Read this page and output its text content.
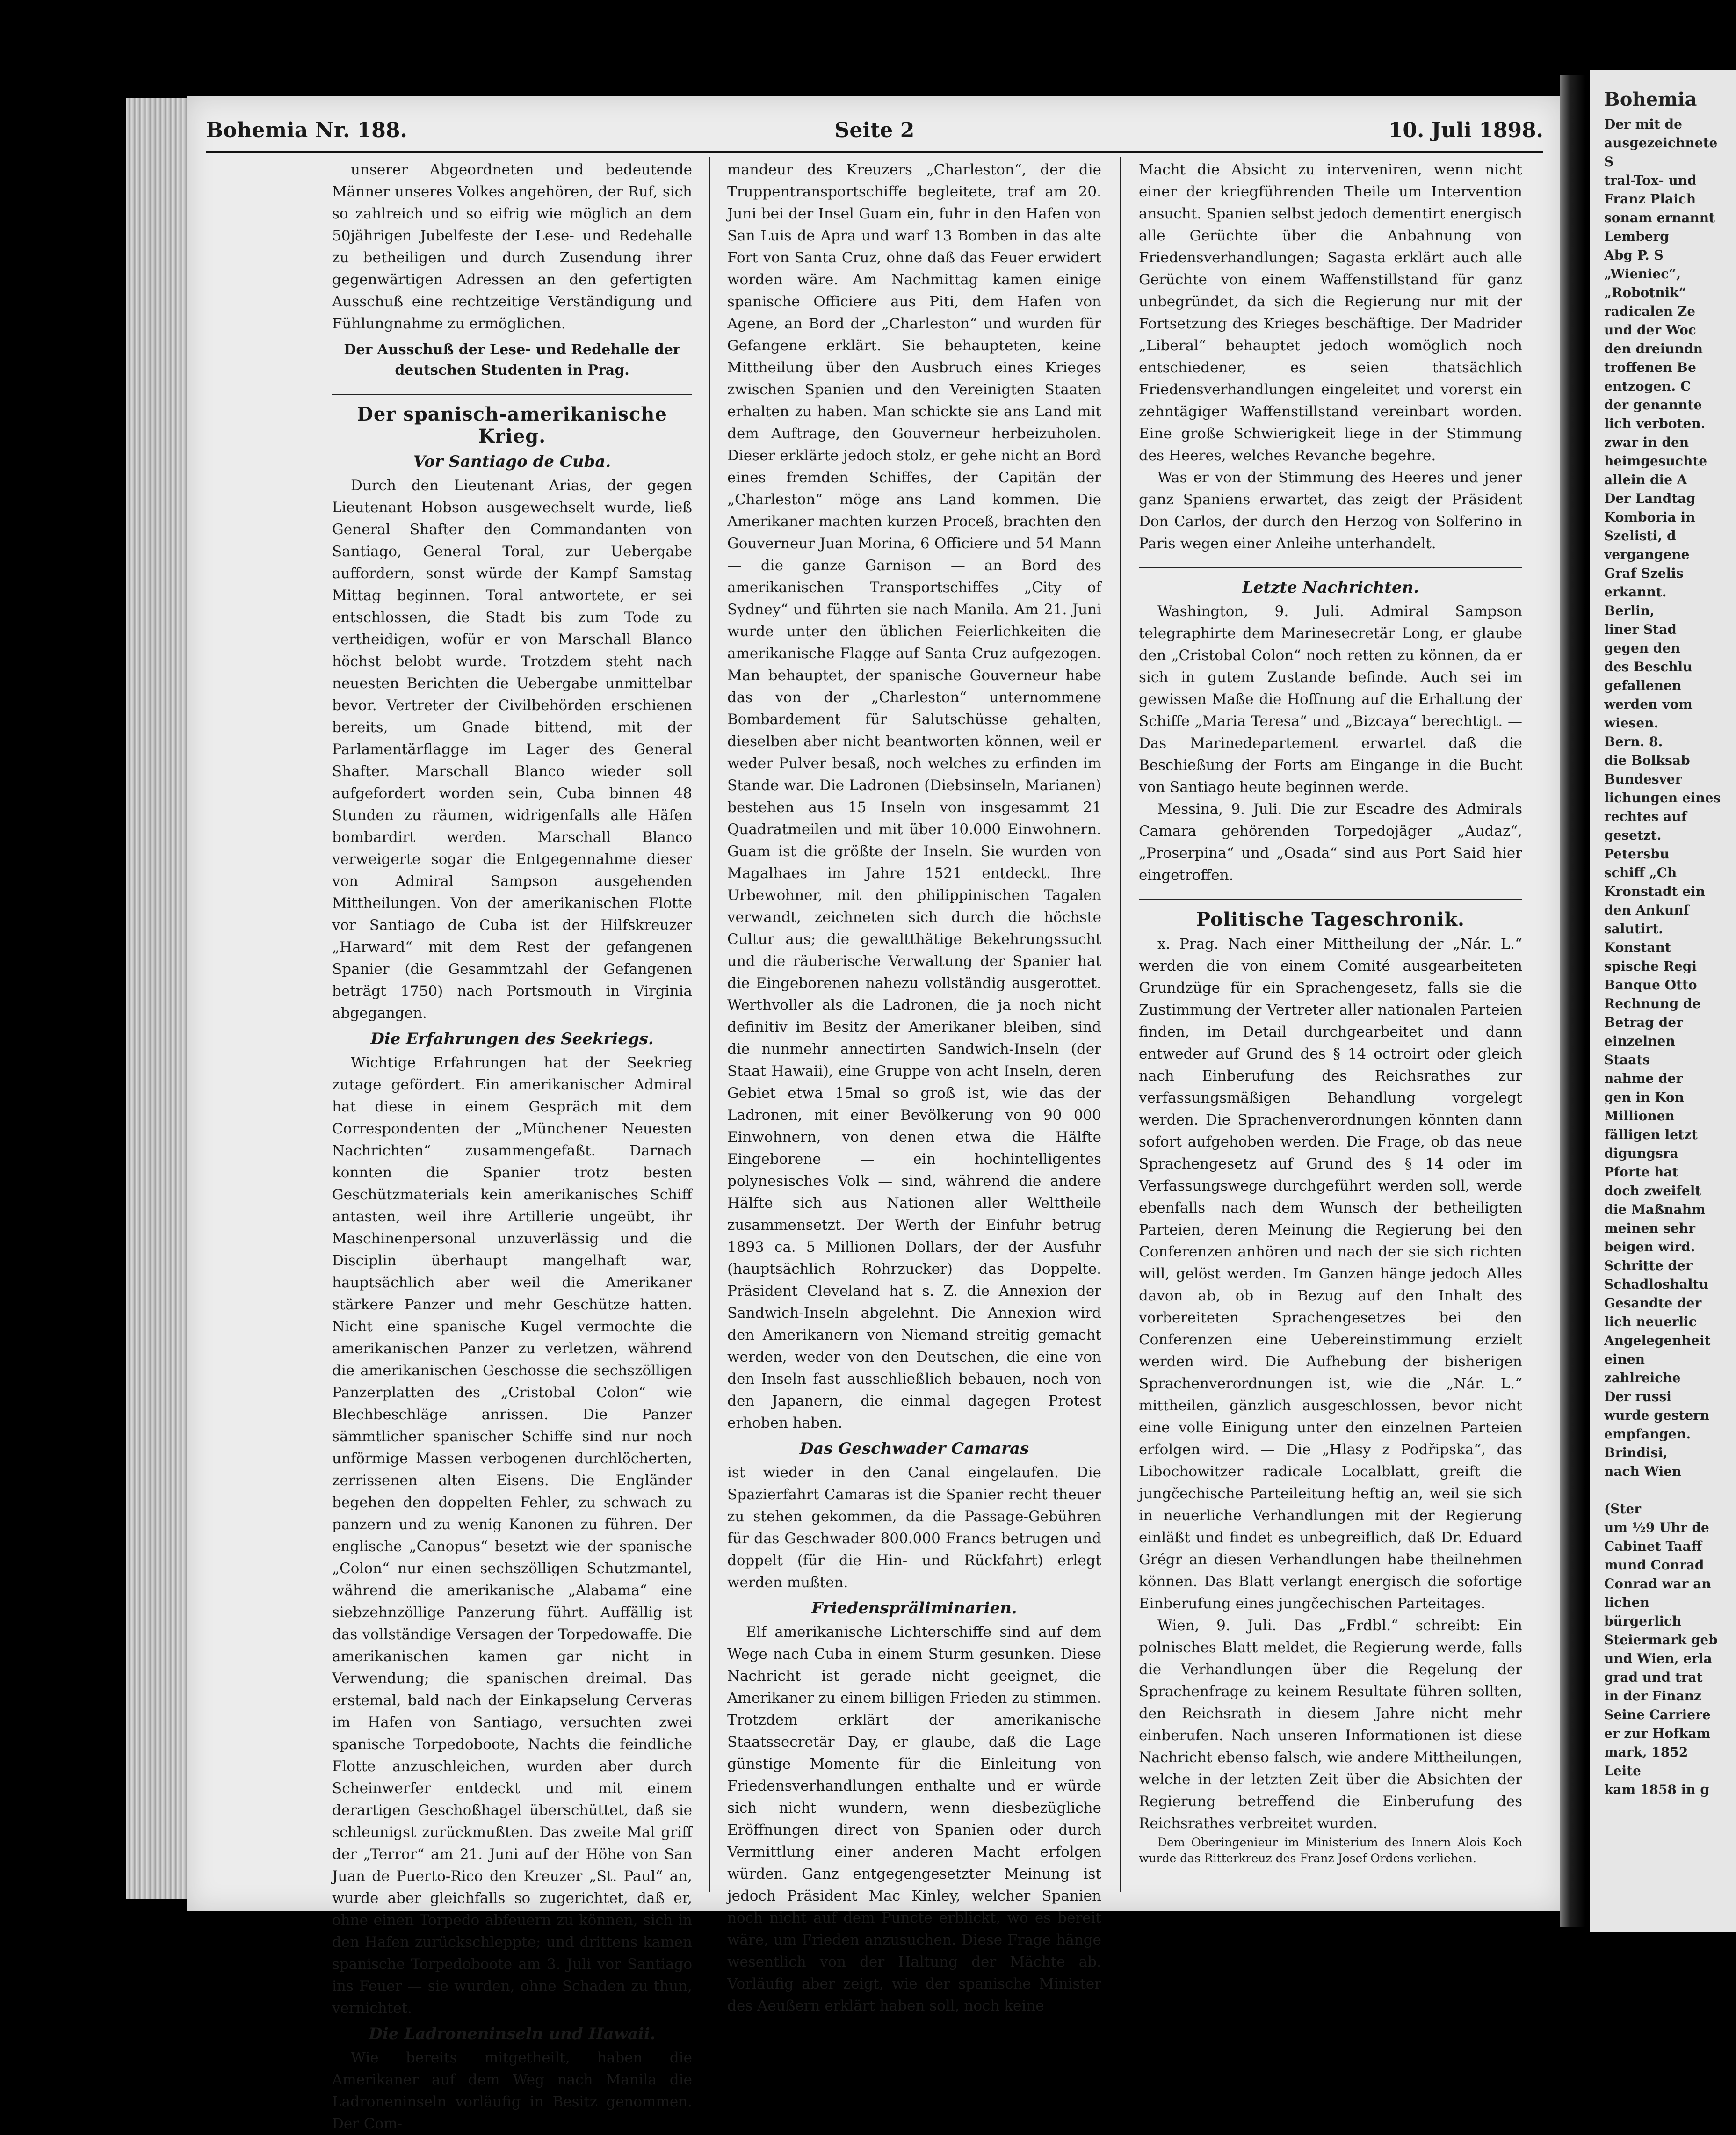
Bohemia Nr. 188.	Seite 2	10. Juli 1898.

unserer Abgeordneten und bedeutende Männer unseres Volkes angehören, der Ruf, sich so zahlreich und so eifrig wie möglich an dem 50jährigen Jubelfeste der Lese- und Redehalle zu betheiligen und durch Zusendung ihrer gegenwärtigen Adressen an den gefertigten Ausschuß eine rechtzeitige Verständigung und Fühlungnahme zu ermöglichen.

Der Ausschuß der Lese- und Redehalle der deutschen Studenten in Prag.
Der spanisch-amerikanische Krieg.
Vor Santiago de Cuba.

Durch den Lieutenant Arias, der gegen Lieutenant Hobson ausgewechselt wurde, ließ General Shafter den Commandanten von Santiago, General Toral, zur Uebergabe auffordern, sonst würde der Kampf Samstag Mittag beginnen. Toral antwortete, er sei entschlossen, die Stadt bis zum Tode zu vertheidigen, wofür er von Marschall Blanco höchst belobt wurde. Trotzdem steht nach neuesten Berichten die Uebergabe unmittelbar bevor. Vertreter der Civilbehörden erschienen bereits, um Gnade bittend, mit der Parlamentärflagge im Lager des General Shafter. Marschall Blanco wieder soll aufgefordert worden sein, Cuba binnen 48 Stunden zu räumen, widrigenfalls alle Häfen bombardirt werden. Marschall Blanco verweigerte sogar die Entgegennahme dieser von Admiral Sampson ausgehenden Mittheilungen. Von der amerikanischen Flotte vor Santiago de Cuba ist der Hilfskreuzer „Harward“ mit dem Rest der gefangenen Spanier (die Gesammtzahl der Gefangenen beträgt 1750) nach Portsmouth in Virginia abgegangen.

Die Erfahrungen des Seekriegs.

Wichtige Erfahrungen hat der Seekrieg zutage gefördert. Ein amerikanischer Admiral hat diese in einem Gespräch mit dem Correspondenten der „Münchener Neuesten Nachrichten“ zusammengefaßt. Darnach konnten die Spanier trotz besten Geschützmaterials kein amerikanisches Schiff antasten, weil ihre Artillerie ungeübt, ihr Maschinenpersonal unzuverlässig und die Disciplin überhaupt mangelhaft war, hauptsächlich aber weil die Amerikaner stärkere Panzer und mehr Geschütze hatten. Nicht eine spanische Kugel vermochte die amerikanischen Panzer zu verletzen, während die amerikanischen Geschosse die sechszölligen Panzerplatten des „Cristobal Colon“ wie Blechbeschläge anrissen. Die Panzer sämmtlicher spanischer Schiffe sind nur noch unförmige Massen verbogenen durchlöcherten, zerrissenen alten Eisens. Die Engländer begehen den doppelten Fehler, zu schwach zu panzern und zu wenig Kanonen zu führen. Der englische „Canopus“ besetzt wie der spanische „Colon“ nur einen sechszölligen Schutzmantel, während die amerikanische „Alabama“ eine siebzehnzöllige Panzerung führt. Auffällig ist das vollständige Versagen der Torpedowaffe. Die amerikanischen kamen gar nicht in Verwendung; die spanischen dreimal. Das erstemal, bald nach der Einkapselung Cerveras im Hafen von Santiago, versuchten zwei spanische Torpedoboote, Nachts die feindliche Flotte anzuschleichen, wurden aber durch Scheinwerfer entdeckt und mit einem derartigen Geschoßhagel überschüttet, daß sie schleunigst zurückmußten. Das zweite Mal griff der „Terror“ am 21. Juni auf der Höhe von San Juan de Puerto-Rico den Kreuzer „St. Paul“ an, wurde aber gleichfalls so zugerichtet, daß er, ohne einen Torpedo abfeuern zu können, sich in den Hafen zurückschleppte; und drittens kamen spanische Torpedoboote am 3. Juli vor Santiago ins Feuer — sie wurden, ohne Schaden zu thun, vernichtet.

Die Ladroneninseln und Hawaii.

Wie bereits mitgetheilt, haben die Amerikaner auf dem Weg nach Manila die Ladroneninseln vorläufig in Besitz genommen. Der Com-

mandeur des Kreuzers „Charleston“, der die Truppentransportschiffe begleitete, traf am 20. Juni bei der Insel Guam ein, fuhr in den Hafen von San Luis de Apra und warf 13 Bomben in das alte Fort von Santa Cruz, ohne daß das Feuer erwidert worden wäre. Am Nachmittag kamen einige spanische Officiere aus Piti, dem Hafen von Agene, an Bord der „Charleston“ und wurden für Gefangene erklärt. Sie behaupteten, keine Mittheilung über den Ausbruch eines Krieges zwischen Spanien und den Vereinigten Staaten erhalten zu haben. Man schickte sie ans Land mit dem Auftrage, den Gouverneur herbeizuholen. Dieser erklärte jedoch stolz, er gehe nicht an Bord eines fremden Schiffes, der Capitän der „Charleston“ möge ans Land kommen. Die Amerikaner machten kurzen Proceß, brachten den Gouverneur Juan Morina, 6 Officiere und 54 Mann — die ganze Garnison — an Bord des amerikanischen Transportschiffes „City of Sydney“ und führten sie nach Manila. Am 21. Juni wurde unter den üblichen Feierlichkeiten die amerikanische Flagge auf Santa Cruz aufgezogen. Man behauptet, der spanische Gouverneur habe das von der „Charleston“ unternommene Bombardement für Salutschüsse gehalten, dieselben aber nicht beantworten können, weil er weder Pulver besaß, noch welches zu erfinden im Stande war. Die Ladronen (Diebsinseln, Marianen) bestehen aus 15 Inseln von insgesammt 21 Quadratmeilen und mit über 10.000 Einwohnern. Guam ist die größte der Inseln. Sie wurden von Magalhaes im Jahre 1521 entdeckt. Ihre Urbewohner, mit den philippinischen Tagalen verwandt, zeichneten sich durch die höchste Cultur aus; die gewaltthätige Bekehrungssucht und die räuberische Verwaltung der Spanier hat die Eingeborenen nahezu vollständig ausgerottet. Werthvoller als die Ladronen, die ja noch nicht definitiv im Besitz der Amerikaner bleiben, sind die nunmehr annectirten Sandwich-Inseln (der Staat Hawaii), eine Gruppe von acht Inseln, deren Gebiet etwa 15mal so groß ist, wie das der Ladronen, mit einer Bevölkerung von 90 000 Einwohnern, von denen etwa die Hälfte Eingeborene — ein hochintelligentes polynesisches Volk — sind, während die andere Hälfte sich aus Nationen aller Welttheile zusammensetzt. Der Werth der Einfuhr betrug 1893 ca. 5 Millionen Dollars, der der Ausfuhr (hauptsächlich Rohrzucker) das Doppelte. Präsident Cleveland hat s. Z. die Annexion der Sandwich-Inseln abgelehnt. Die Annexion wird den Amerikanern von Niemand streitig gemacht werden, weder von den Deutschen, die eine von den Inseln fast ausschließlich bebauen, noch von den Japanern, die einmal dagegen Protest erhoben haben.

Das Geschwader Camaras

ist wieder in den Canal eingelaufen. Die Spazierfahrt Camaras ist die Spanier recht theuer zu stehen gekommen, da die Passage-Gebühren für das Geschwader 800.000 Francs betrugen und doppelt (für die Hin- und Rückfahrt) erlegt werden mußten.

Friedenspräliminarien.

Elf amerikanische Lichterschiffe sind auf dem Wege nach Cuba in einem Sturm gesunken. Diese Nachricht ist gerade nicht geeignet, die Amerikaner zu einem billigen Frieden zu stimmen. Trotzdem erklärt der amerikanische Staatssecretär Day, er glaube, daß die Lage günstige Momente für die Einleitung von Friedensverhandlungen enthalte und er würde sich nicht wundern, wenn diesbezügliche Eröffnungen direct von Spanien oder durch Vermittlung einer anderen Macht erfolgen würden. Ganz entgegengesetzter Meinung ist jedoch Präsident Mac Kinley, welcher Spanien noch nicht auf dem Puncte erblickt, wo es bereit wäre, um Frieden anzusuchen. Diese Frage hänge wesentlich von der Haltung der Mächte ab. Vorläufig aber zeigt, wie der spanische Minister des Aeußern erklärt haben soll, noch keine

Macht die Absicht zu interveniren, wenn nicht einer der kriegführenden Theile um Intervention ansucht. Spanien selbst jedoch dementirt energisch alle Gerüchte über die Anbahnung von Friedensverhandlungen; Sagasta erklärt auch alle Gerüchte von einem Waffenstillstand für ganz unbegründet, da sich die Regierung nur mit der Fortsetzung des Krieges beschäftige. Der Madrider „Liberal“ behauptet jedoch womöglich noch entschiedener, es seien thatsächlich Friedensverhandlungen eingeleitet und vorerst ein zehntägiger Waffenstillstand vereinbart worden. Eine große Schwierigkeit liege in der Stimmung des Heeres, welches Revanche begehre.

Was er von der Stimmung des Heeres und jener ganz Spaniens erwartet, das zeigt der Präsident Don Carlos, der durch den Herzog von Solferino in Paris wegen einer Anleihe unterhandelt.

Letzte Nachrichten.

Washington, 9. Juli. Admiral Sampson telegraphirte dem Marinesecretär Long, er glaube den „Cristobal Colon“ noch retten zu können, da er sich in gutem Zustande befinde. Auch sei im gewissen Maße die Hoffnung auf die Erhaltung der Schiffe „Maria Teresa“ und „Bizcaya“ berechtigt. — Das Marinedepartement erwartet daß die Beschießung der Forts am Eingange in die Bucht von Santiago heute beginnen werde.

Messina, 9. Juli. Die zur Escadre des Admirals Camara gehörenden Torpedojäger „Audaz“, „Proserpina“ und „Osada“ sind aus Port Said hier eingetroffen.

Politische Tageschronik.

x. Prag. Nach einer Mittheilung der „Nár. L.“ werden die von einem Comité ausgearbeiteten Grundzüge für ein Sprachengesetz, falls sie die Zustimmung der Vertreter aller nationalen Parteien finden, im Detail durchgearbeitet und dann entweder auf Grund des § 14 octroirt oder gleich nach Einberufung des Reichsrathes zur verfassungsmäßigen Behandlung vorgelegt werden. Die Sprachenverordnungen könnten dann sofort aufgehoben werden. Die Frage, ob das neue Sprachengesetz auf Grund des § 14 oder im Verfassungswege durchgeführt werden soll, werde ebenfalls nach dem Wunsch der betheiligten Parteien, deren Meinung die Regierung bei den Conferenzen anhören und nach der sie sich richten will, gelöst werden. Im Ganzen hänge jedoch Alles davon ab, ob in Bezug auf den Inhalt des vorbereiteten Sprachengesetzes bei den Conferenzen eine Uebereinstimmung erzielt werden wird. Die Aufhebung der bisherigen Sprachenverordnungen ist, wie die „Nár. L.“ mittheilen, gänzlich ausgeschlossen, bevor nicht eine volle Einigung unter den einzelnen Parteien erfolgen wird. — Die „Hlasy z Podřipska“, das Libochowitzer radicale Localblatt, greift die jungčechische Parteileitung heftig an, weil sie sich in neuerliche Verhandlungen mit der Regierung einläßt und findet es unbegreiflich, daß Dr. Eduard Grégr an diesen Verhandlungen habe theilnehmen können. Das Blatt verlangt energisch die sofortige Einberufung eines jungčechischen Parteitages.

Wien, 9. Juli. Das „Frdbl.“ schreibt: Ein polnisches Blatt meldet, die Regierung werde, falls die Verhandlungen über die Regelung der Sprachenfrage zu keinem Resultate führen sollten, den Reichsrath in diesem Jahre nicht mehr einberufen. Nach unseren Informationen ist diese Nachricht ebenso falsch, wie andere Mittheilungen, welche in der letzten Zeit über die Absichten der Regierung betreffend die Einberufung des Reichsrathes verbreitet wurden.

Dem Oberingenieur im Ministerium des Innern Alois Koch wurde das Ritterkreuz des Franz Josef-Ordens verliehen.

Bohemia
Der mit de
ausgezeichnete S
tral-Tox- und
Franz Plaich
sonam ernannt
Lemberg
Abg P. S
„Wieniec“,
„Robotnik“
radicalen Ze
und der Woc
den dreiundn
troffenen Be
entzogen. C
der genannte
lich verboten.
zwar in den
heimgesuchte
allein die A
Der Landtag
Komboria in
Szelisti, d
vergangene
Graf Szelis
erkannt.
Berlin,
liner Stad
gegen den
des Beschlu
gefallenen
werden vom
wiesen.
Bern. 8.
die Bolksab
Bundesver
lichungen eines
rechtes auf
gesetzt.
Petersbu
schiff „Ch
Kronstadt ein
den Ankunf
salutirt.
Konstant
spische Regi
Banque Otto
Rechnung de
Betrag der
einzelnen Staats
nahme der
gen in Kon
Millionen
fälligen letzt
digungsra
Pforte hat
doch zweifelt
die Maßnahm
meinen sehr
beigen wird.
Schritte der
Schadloshaltu
Gesandte der
lich neuerlic
Angelegenheit
einen zahlreiche
Der russi
wurde gestern
empfangen.
Brindisi,
nach Wien

(Ster
um ½9 Uhr de
Cabinet Taaff
mund Conrad
Conrad war an
lichen bürgerlich
Steiermark geb
und Wien, erla
grad und trat
in der Finanz
Seine Carriere
er zur Hofkam
mark, 1852 Leite
kam 1858 in g
